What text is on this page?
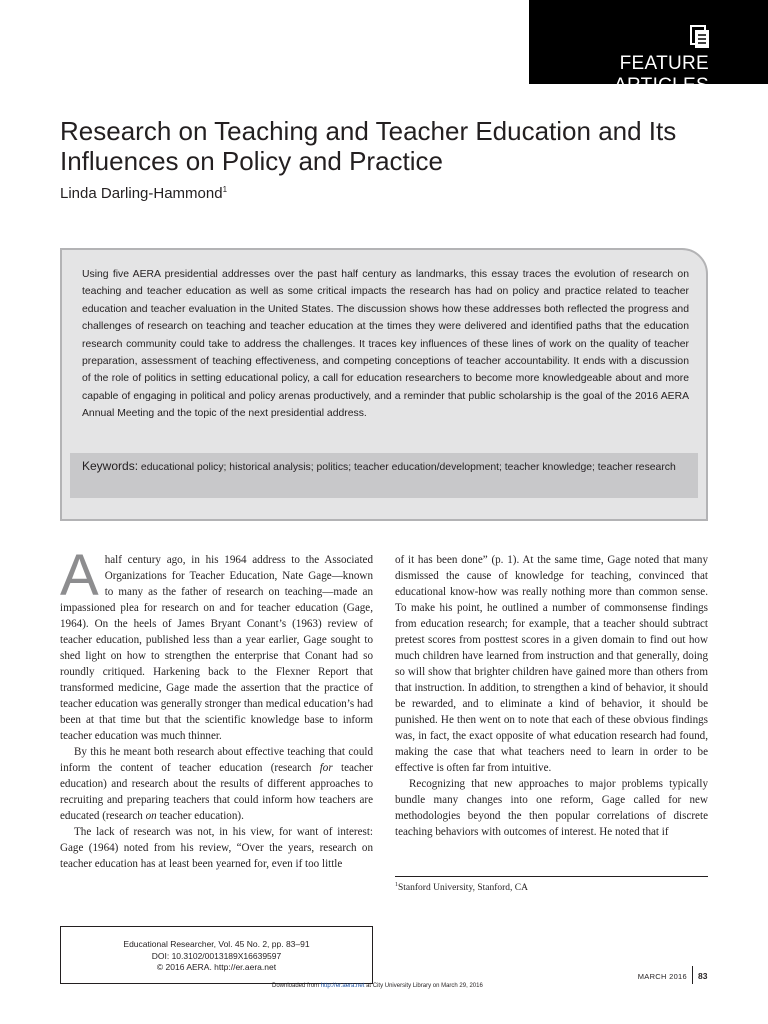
FEATURE ARTICLES
Research on Teaching and Teacher Education and Its Influences on Policy and Practice
Linda Darling-Hammond$^1$

Using five AERA presidential addresses over the past half century as landmarks, this essay traces the evolution of research on teaching and teacher education as well as some critical impacts the research has had on policy and practice related to teacher education and teacher evaluation in the United States. The discussion shows how these addresses both reflected the progress and challenges of research on teaching and teacher education at the times they were delivered and identified paths that the education research community could take to address the challenges. It traces key influences of these lines of work on the quality of teacher preparation, assessment of teaching effectiveness, and competing conceptions of teacher accountability. It ends with a discussion of the role of politics in setting educational policy, a call for education researchers to become more knowledgeable about and more capable of engaging in political and policy arenas productively, and a reminder that public scholarship is the goal of the 2016 AERA Annual Meeting and the topic of the next presidential address.

Keywords: educational policy; historical analysis; politics; teacher education/development; teacher knowledge; teacher research

A half century ago, in his 1964 address to the Associated Organizations for Teacher Education, Nate Gage—known to many as the father of research on teaching—made an impassioned plea for research on and for teacher education (Gage, 1964). On the heels of James Bryant Conant’s (1963) review of teacher education, published less than a year earlier, Gage sought to shed light on how to strengthen the enterprise that Conant had so roundly critiqued. Harkening back to the Flexner Report that transformed medicine, Gage made the assertion that the practice of teacher education was generally stronger than medical education’s had been at that time but that the scientific knowledge base to inform teacher education was much thinner.

By this he meant both research about effective teaching that could inform the content of teacher education (research for teacher education) and research about the results of different approaches to recruiting and preparing teachers that could inform how teachers are educated (research on teacher education).

The lack of research was not, in his view, for want of interest: Gage (1964) noted from his review, “Over the years, research on teacher education has at least been yearned for, even if too little

of it has been done” (p. 1). At the same time, Gage noted that many dismissed the cause of knowledge for teaching, convinced that educational know-how was really nothing more than common sense. To make his point, he outlined a number of commonsense findings from education research; for example, that a teacher should subtract pretest scores from posttest scores in a given domain to find out how much children have learned from instruction and that generally, doing so will show that brighter children have gained more than others from that instruction. In addition, to strengthen a kind of behavior, it should be rewarded, and to eliminate a kind of behavior, it should be punished. He then went on to note that each of these obvious findings was, in fact, the exact opposite of what education research had found, making the case that what teachers need to learn in order to be effective is often far from intuitive.

Recognizing that new approaches to major problems typically bundle many changes into one reform, Gage called for new methodologies beyond the then popular correlations of discrete teaching behaviors with outcomes of interest. He noted that if

$^1$Stanford University, Stanford, CA
Educational Researcher, Vol. 45 No. 2, pp. 83–91
DOI: 10.3102/0013189X16639597
© 2016 AERA. http://er.aera.net
MARCH 2016 83
Downloaded from http://er.aera.net at City University Library on March 29, 2016
